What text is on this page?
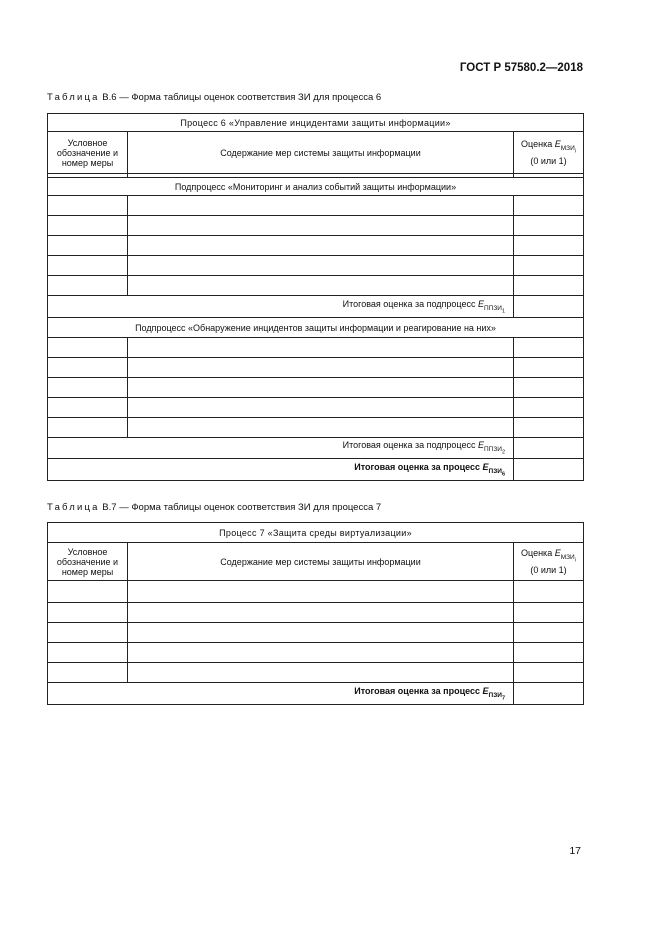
ГОСТ Р 57580.2—2018
Таблица В.6 — Форма таблицы оценок соответствия ЗИ для процесса 6
Процесс 6 «Управление инцидентами защиты информации»		
Условное обозначение и номер меры	Содержание мер системы защиты информации	Оценка $E_{МЗИ_i}$
(0 или 1)

Подпроцесс «Мониторинг и анализ событий защиты информации»		

Итоговая оценка за подпроцесс $E_{ППЗИ_1}$	
Подпроцесс «Обнаружение инцидентов защиты информации и реагирование на них»		

Итоговая оценка за подпроцесс $E_{ППЗИ_2}$	
Итоговая оценка за процесс $E_{ПЗИ_6}$	
Таблица В.7 — Форма таблицы оценок соответствия ЗИ для процесса 7
Процесс 7 «Защита среды виртуализации»		
Условное обозначение и номер меры	Содержание мер системы защиты информации	Оценка $E_{МЗИ_i}$
(0 или 1)

Итоговая оценка за процесс $E_{ПЗИ_7}$	
17
